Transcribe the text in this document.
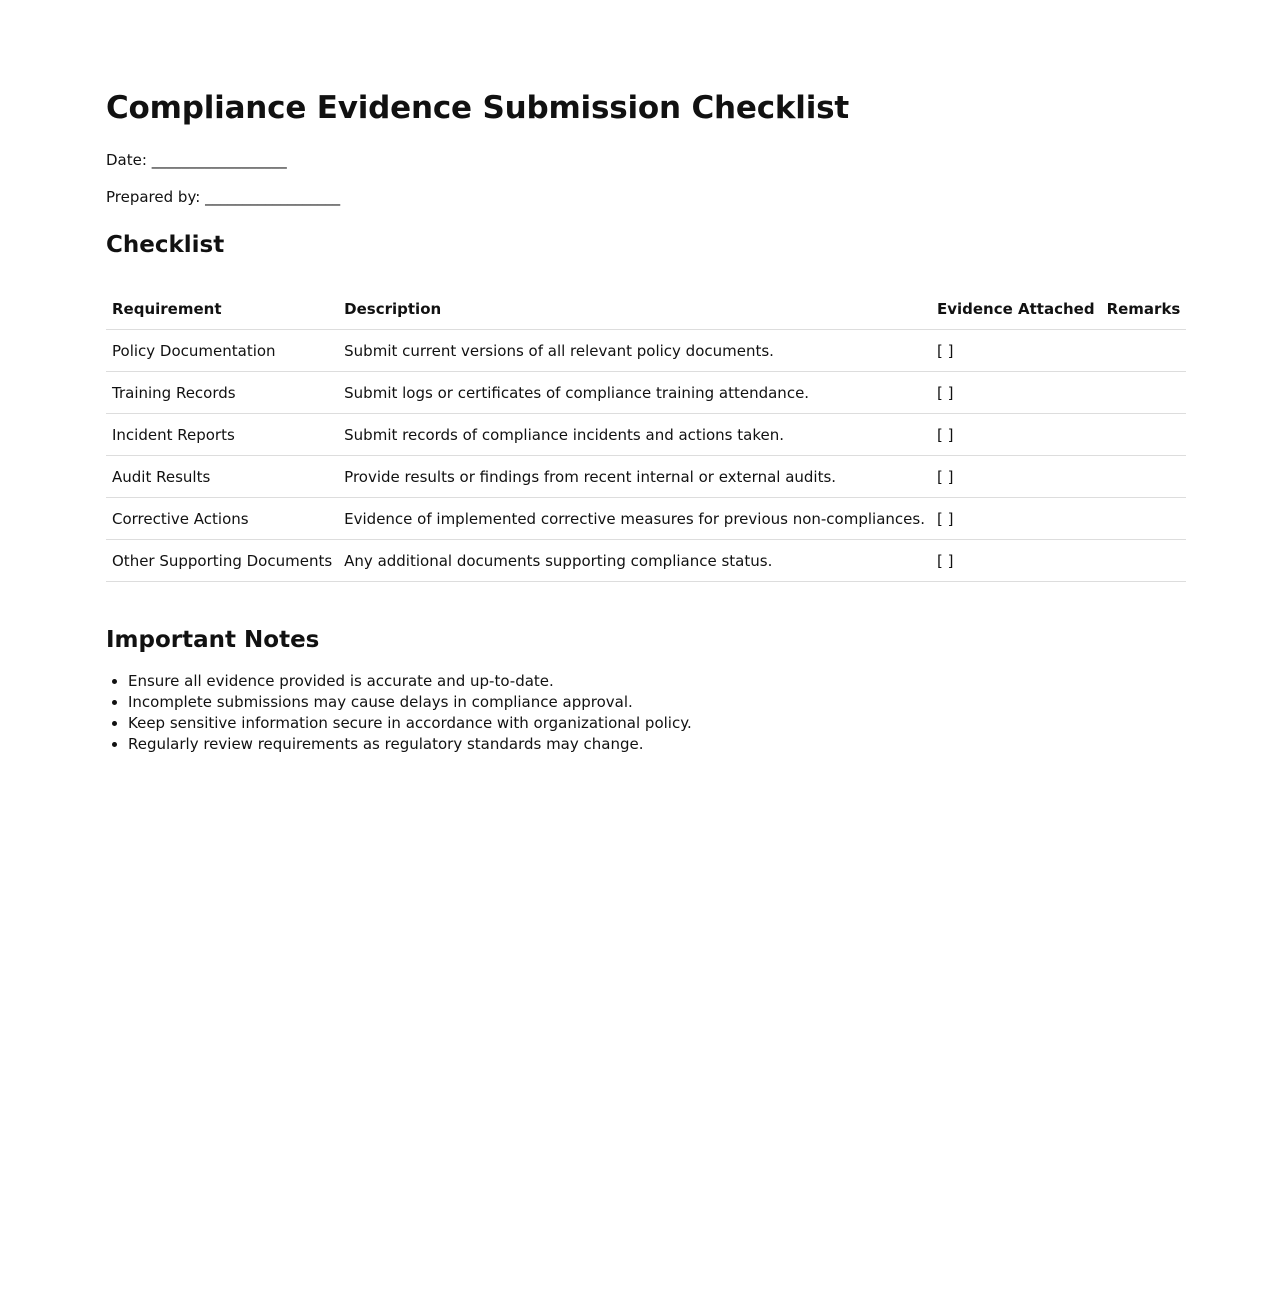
Compliance Evidence Submission Checklist

Date: __________________

Prepared by: __________________

Checklist
Requirement	Description	Evidence Attached	Remarks
Policy Documentation	Submit current versions of all relevant policy documents.	[ ]	
Training Records	Submit logs or certificates of compliance training attendance.	[ ]	
Incident Reports	Submit records of compliance incidents and actions taken.	[ ]	
Audit Results	Provide results or findings from recent internal or external audits.	[ ]	
Corrective Actions	Evidence of implemented corrective measures for previous non-compliances.	[ ]	
Other Supporting Documents	Any additional documents supporting compliance status.	[ ]	
Important Notes
• Ensure all evidence provided is accurate and up-to-date.
• Incomplete submissions may cause delays in compliance approval.
• Keep sensitive information secure in accordance with organizational policy.
• Regularly review requirements as regulatory standards may change.
